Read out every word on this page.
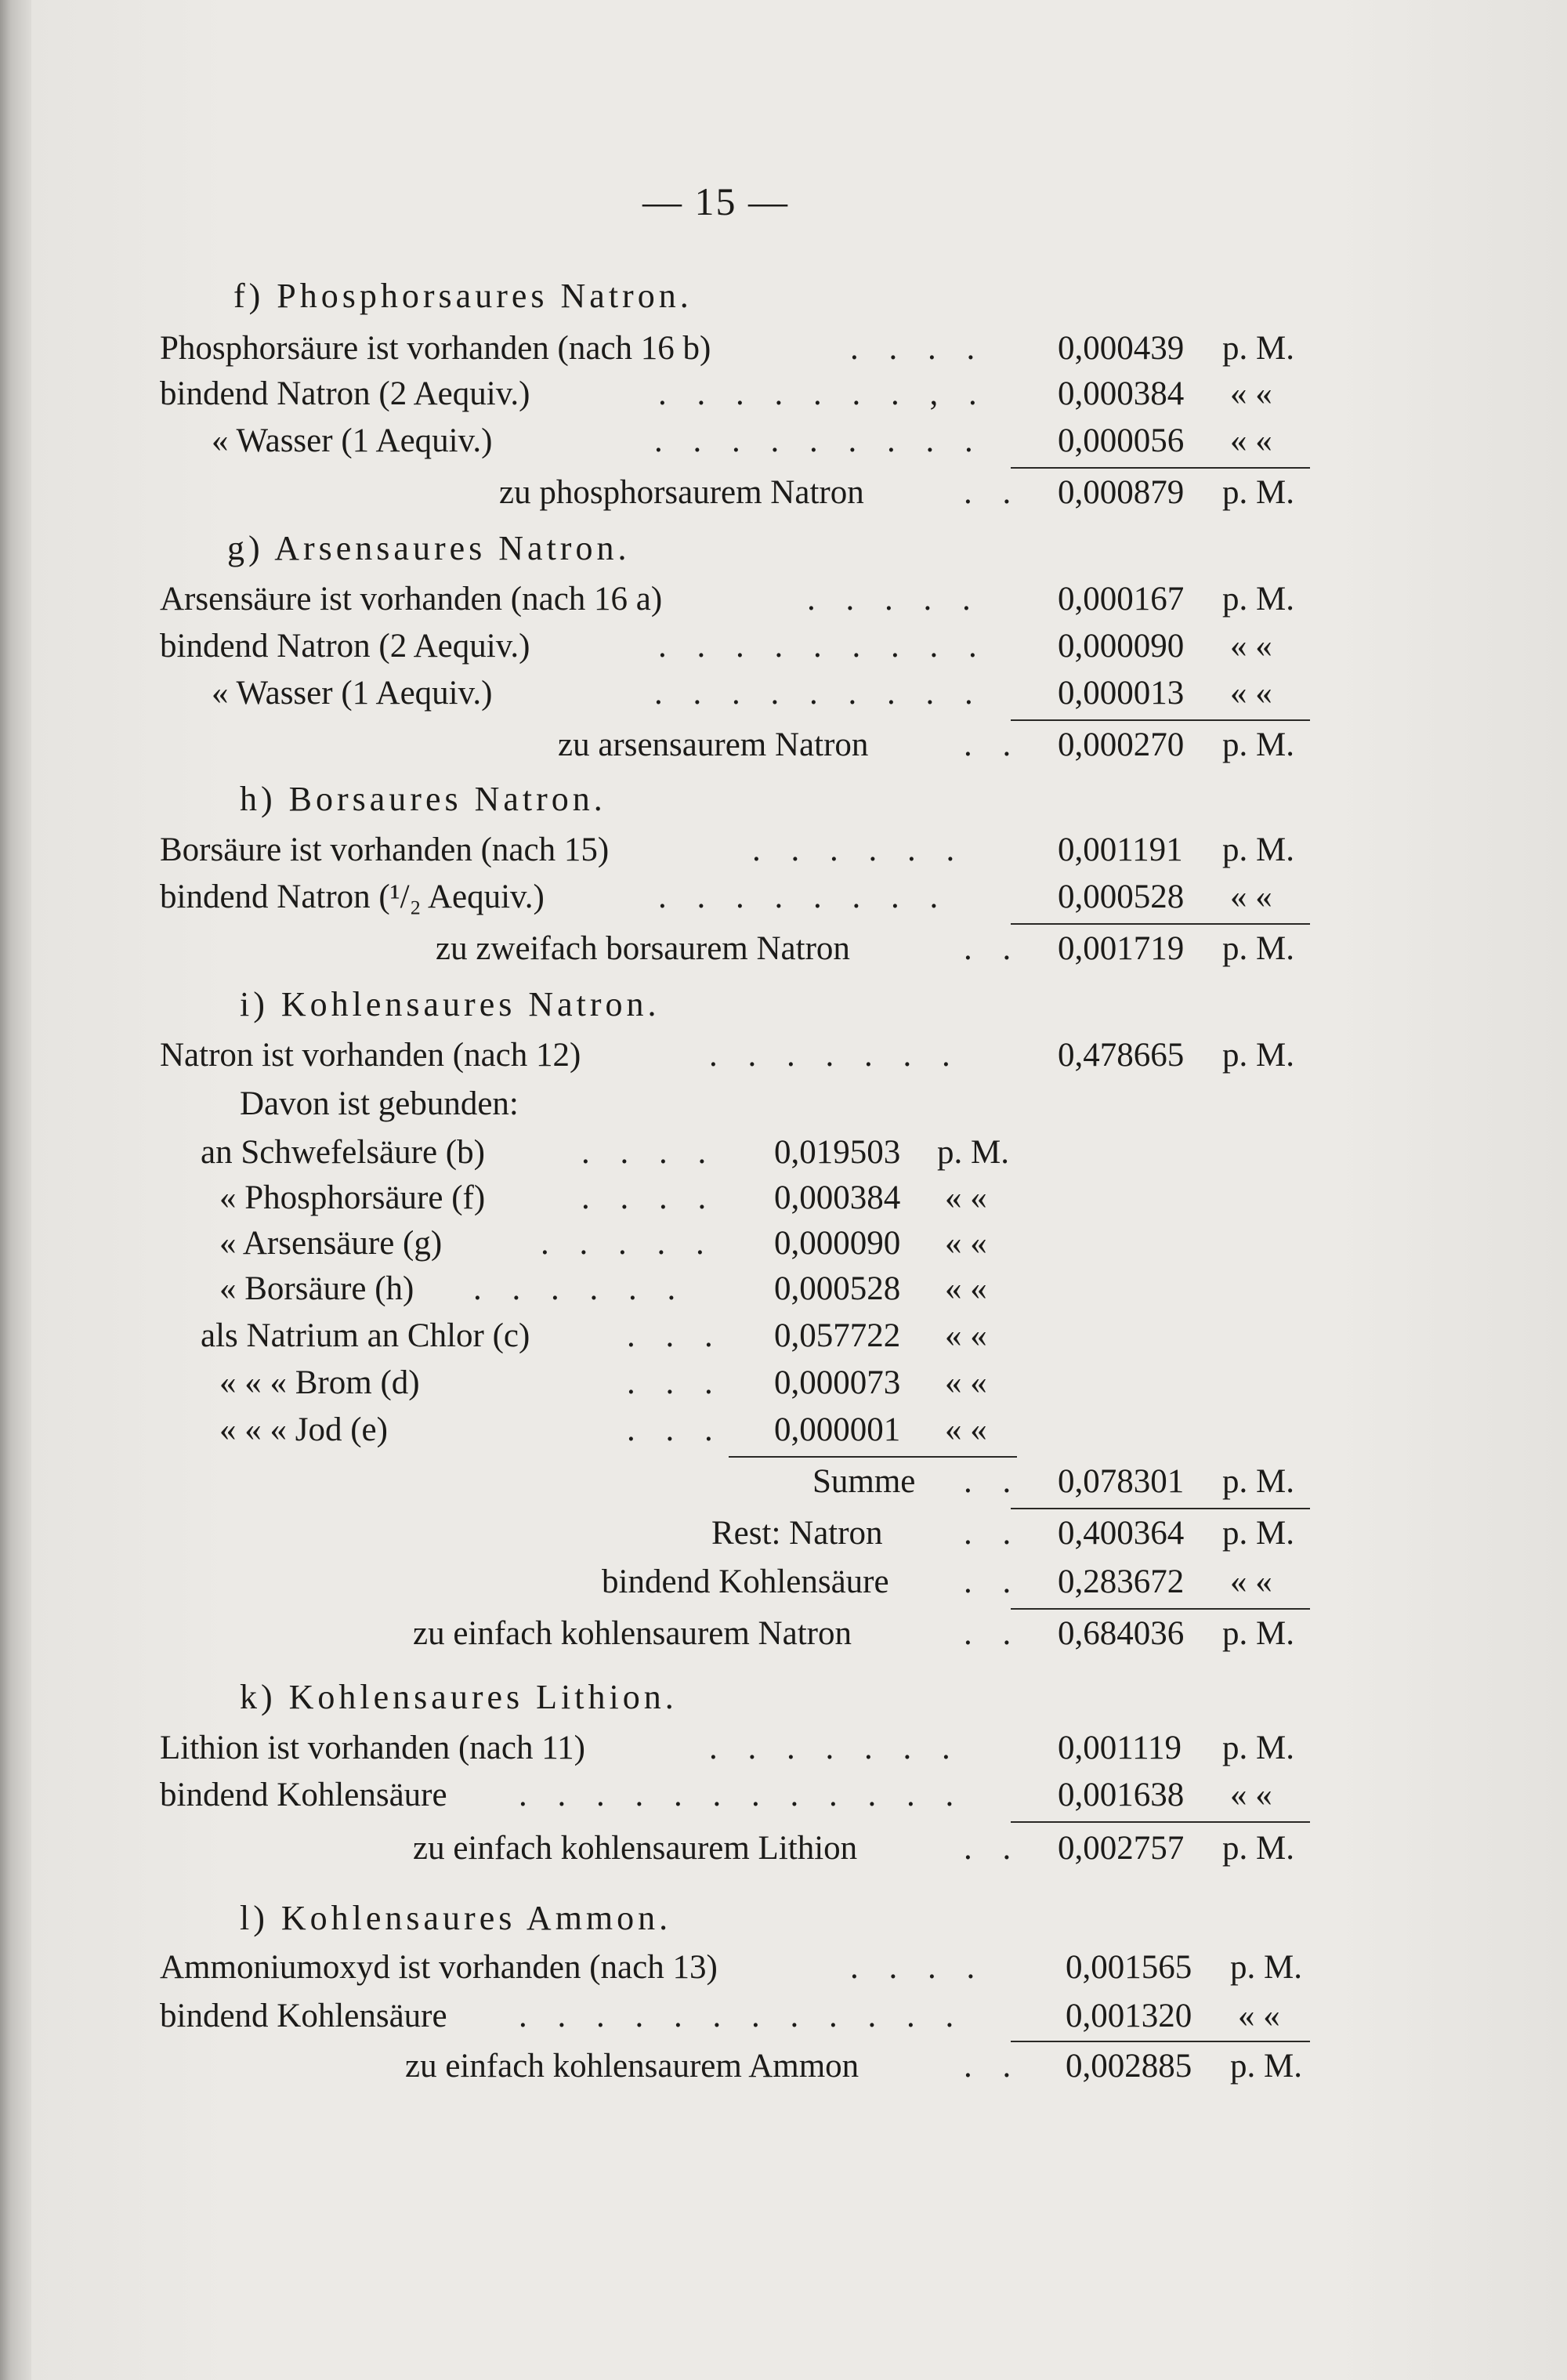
— 15 —
f) Phosphorsaures Natron.
Phosphorsäure ist vorhanden (nach 16 b)	. . . . 0,000439 p. M.
bindend Natron (2 Aequiv.)	. . . . . . . , . 0,000384 « «
« Wasser (1 Aequiv.)	. . . . . . . . . 0,000056 « «
zu phosphorsaurem Natron	. . 0,000879 p. M.
g) Arsensaures Natron.
Arsensäure ist vorhanden (nach 16 a)	. . . . . 0,000167 p. M.
bindend Natron (2 Aequiv.)	. . . . . . . . . 0,000090 « «
« Wasser (1 Aequiv.)	. . . . . . . . . 0,000013 « «
zu arsensaurem Natron	. . 0,000270 p. M.
h) Borsaures Natron.
Borsäure ist vorhanden (nach 15)	. . . . . .	0,001191 p. M.
bindend Natron (¹/₂ Aequiv.)	. . . . . . . .	0,000528 « «
zu zweifach borsaurem Natron	. . 0,001719 p. M.
i) Kohlensaures Natron.
Natron ist vorhanden (nach 12)	. . . . . . .	0,478665 p. M.
Davon ist gebunden:
an Schwefelsäure (b)	. . . . 0,019503 p. M.
« Phosphorsäure (f)	. . . . 0,000384 « «
« Arsensäure (g)	. . . . . 0,000090 « «
« Borsäure (h) . . . . . .	0,000528 « «
als Natrium an Chlor (c)	. . . 0,057722 « «
« « « Brom (d)	. . . 0,000073 « «
« « « Jod (e)	. . . 0,000001 « «
Summe . . 0,078301 p. M.
Rest: Natron . . 0,400364 p. M.
bindend Kohlensäure . . 0,283672 « «
zu einfach kohlensaurem Natron	. . 0,684036 p. M.
k) Kohlensaures Lithion.
Lithion ist vorhanden (nach 11)	. . . . . . .	0,001119 p. M.
bindend Kohlensäure . . . . . . . . . . . .	0,001638 « «
zu einfach kohlensaurem Lithion	. . 0,002757 p. M.
l) Kohlensaures Ammon.
Ammoniumoxyd ist vorhanden (nach 13)	. . . . 0,001565 p. M.
bindend Kohlensäure . . . . . . . . . . . .	0,001320 « «
zu einfach kohlensaurem Ammon	. . 0,002885 p. M.
